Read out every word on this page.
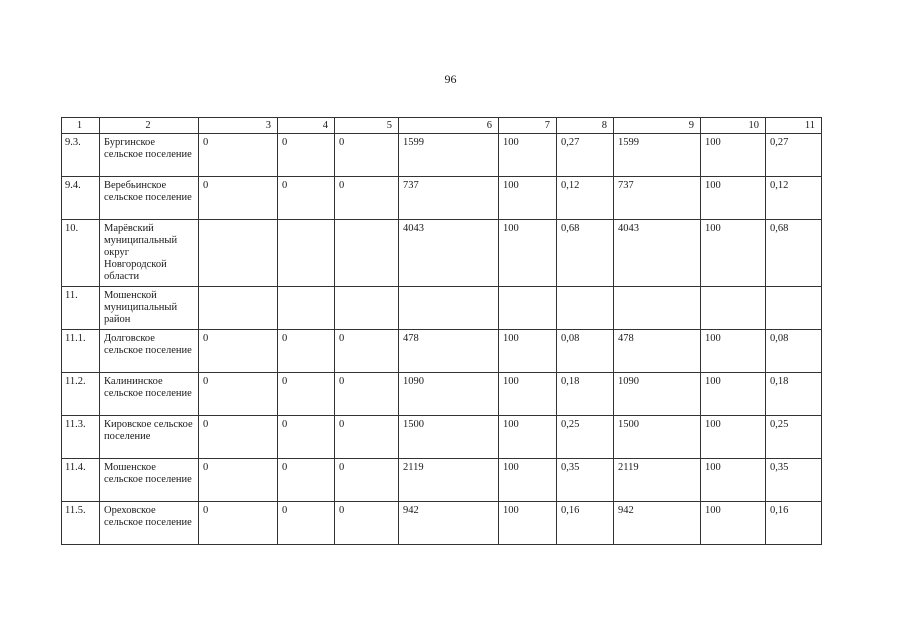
96
1	2	3	4	5	6	7	8	9	10	11
9.3.	Бургинское сельское поселение	0	0	0	1599	100	0,27	1599	100	0,27
9.4.	Веребьинское сельское поселение	0	0	0	737	100	0,12	737	100	0,12
10.	Марёвский муниципальный округ Новгородской области				4043	100	0,68	4043	100	0,68
11.	Мошенской муниципальный район									
11.1.	Долговское сельское поселение	0	0	0	478	100	0,08	478	100	0,08
11.2.	Калининское сельское поселение	0	0	0	1090	100	0,18	1090	100	0,18
11.3.	Кировское сельское поселение	0	0	0	1500	100	0,25	1500	100	0,25
11.4.	Мошенское сельское поселение	0	0	0	2119	100	0,35	2119	100	0,35
11.5.	Ореховское сельское поселение	0	0	0	942	100	0,16	942	100	0,16
